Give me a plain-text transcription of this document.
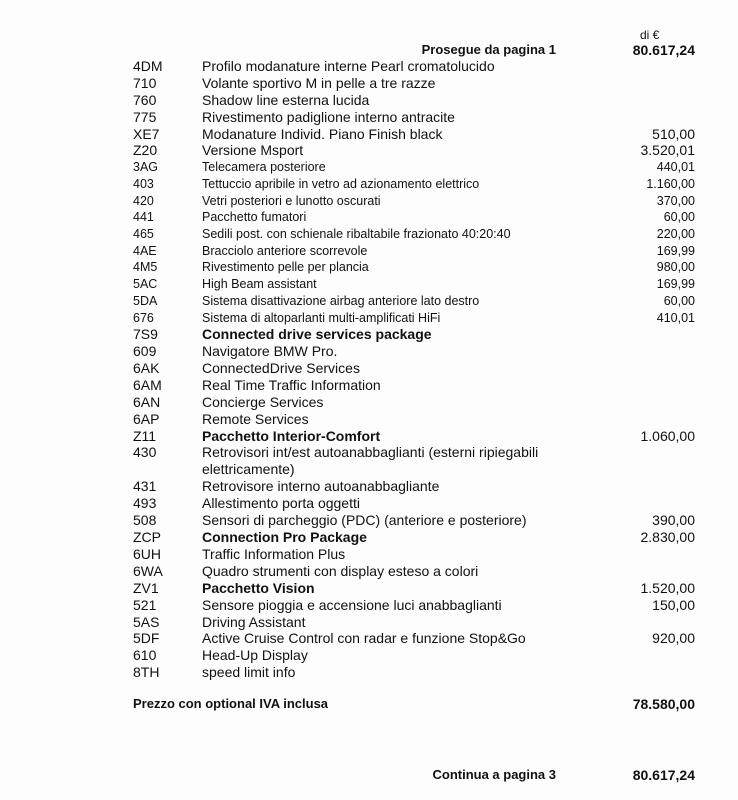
di €
Prosegue da pagina 1	80.617,24
4DM	Profilo modanature interne Pearl cromatolucido
710	Volante sportivo M in pelle a tre razze
760	Shadow line esterna lucida
775	Rivestimento padiglione interno antracite
XE7	Modanature Individ. Piano Finish black	510,00
Z20	Versione Msport	3.520,01
3AG	Telecamera posteriore	440,01
403	Tettuccio apribile in vetro ad azionamento elettrico	1.160,00
420	Vetri posteriori e lunotto oscurati	370,00
441	Pacchetto fumatori	60,00
465	Sedili post. con schienale ribaltabile frazionato 40:20:40	220,00
4AE	Bracciolo anteriore scorrevole	169,99
4M5	Rivestimento pelle per plancia	980,00
5AC	High Beam assistant	169,99
5DA	Sistema disattivazione airbag anteriore lato destro	60,00
676	Sistema di altoparlanti multi-amplificati HiFi	410,01
7S9	Connected drive services package
609	Navigatore BMW Pro.
6AK	ConnectedDrive Services
6AM	Real Time Traffic Information
6AN	Concierge Services
6AP	Remote Services
Z11	Pacchetto Interior-Comfort	1.060,00
430	Retrovisori int/est autoanabbaglianti (esterni ripiegabili elettricamente)
431	Retrovisore interno autoanabbagliante
493	Allestimento porta oggetti
508	Sensori di parcheggio (PDC) (anteriore e posteriore)	390,00
ZCP	Connection Pro Package	2.830,00
6UH	Traffic Information Plus
6WA	Quadro strumenti con display esteso a colori
ZV1	Pacchetto Vision	1.520,00
521	Sensore pioggia e accensione luci anabbaglianti	150,00
5AS	Driving Assistant
5DF	Active Cruise Control con radar e funzione Stop&Go	920,00
610	Head-Up Display
8TH	speed limit info
Prezzo con optional IVA inclusa	78.580,00
Continua a pagina 3	80.617,24
